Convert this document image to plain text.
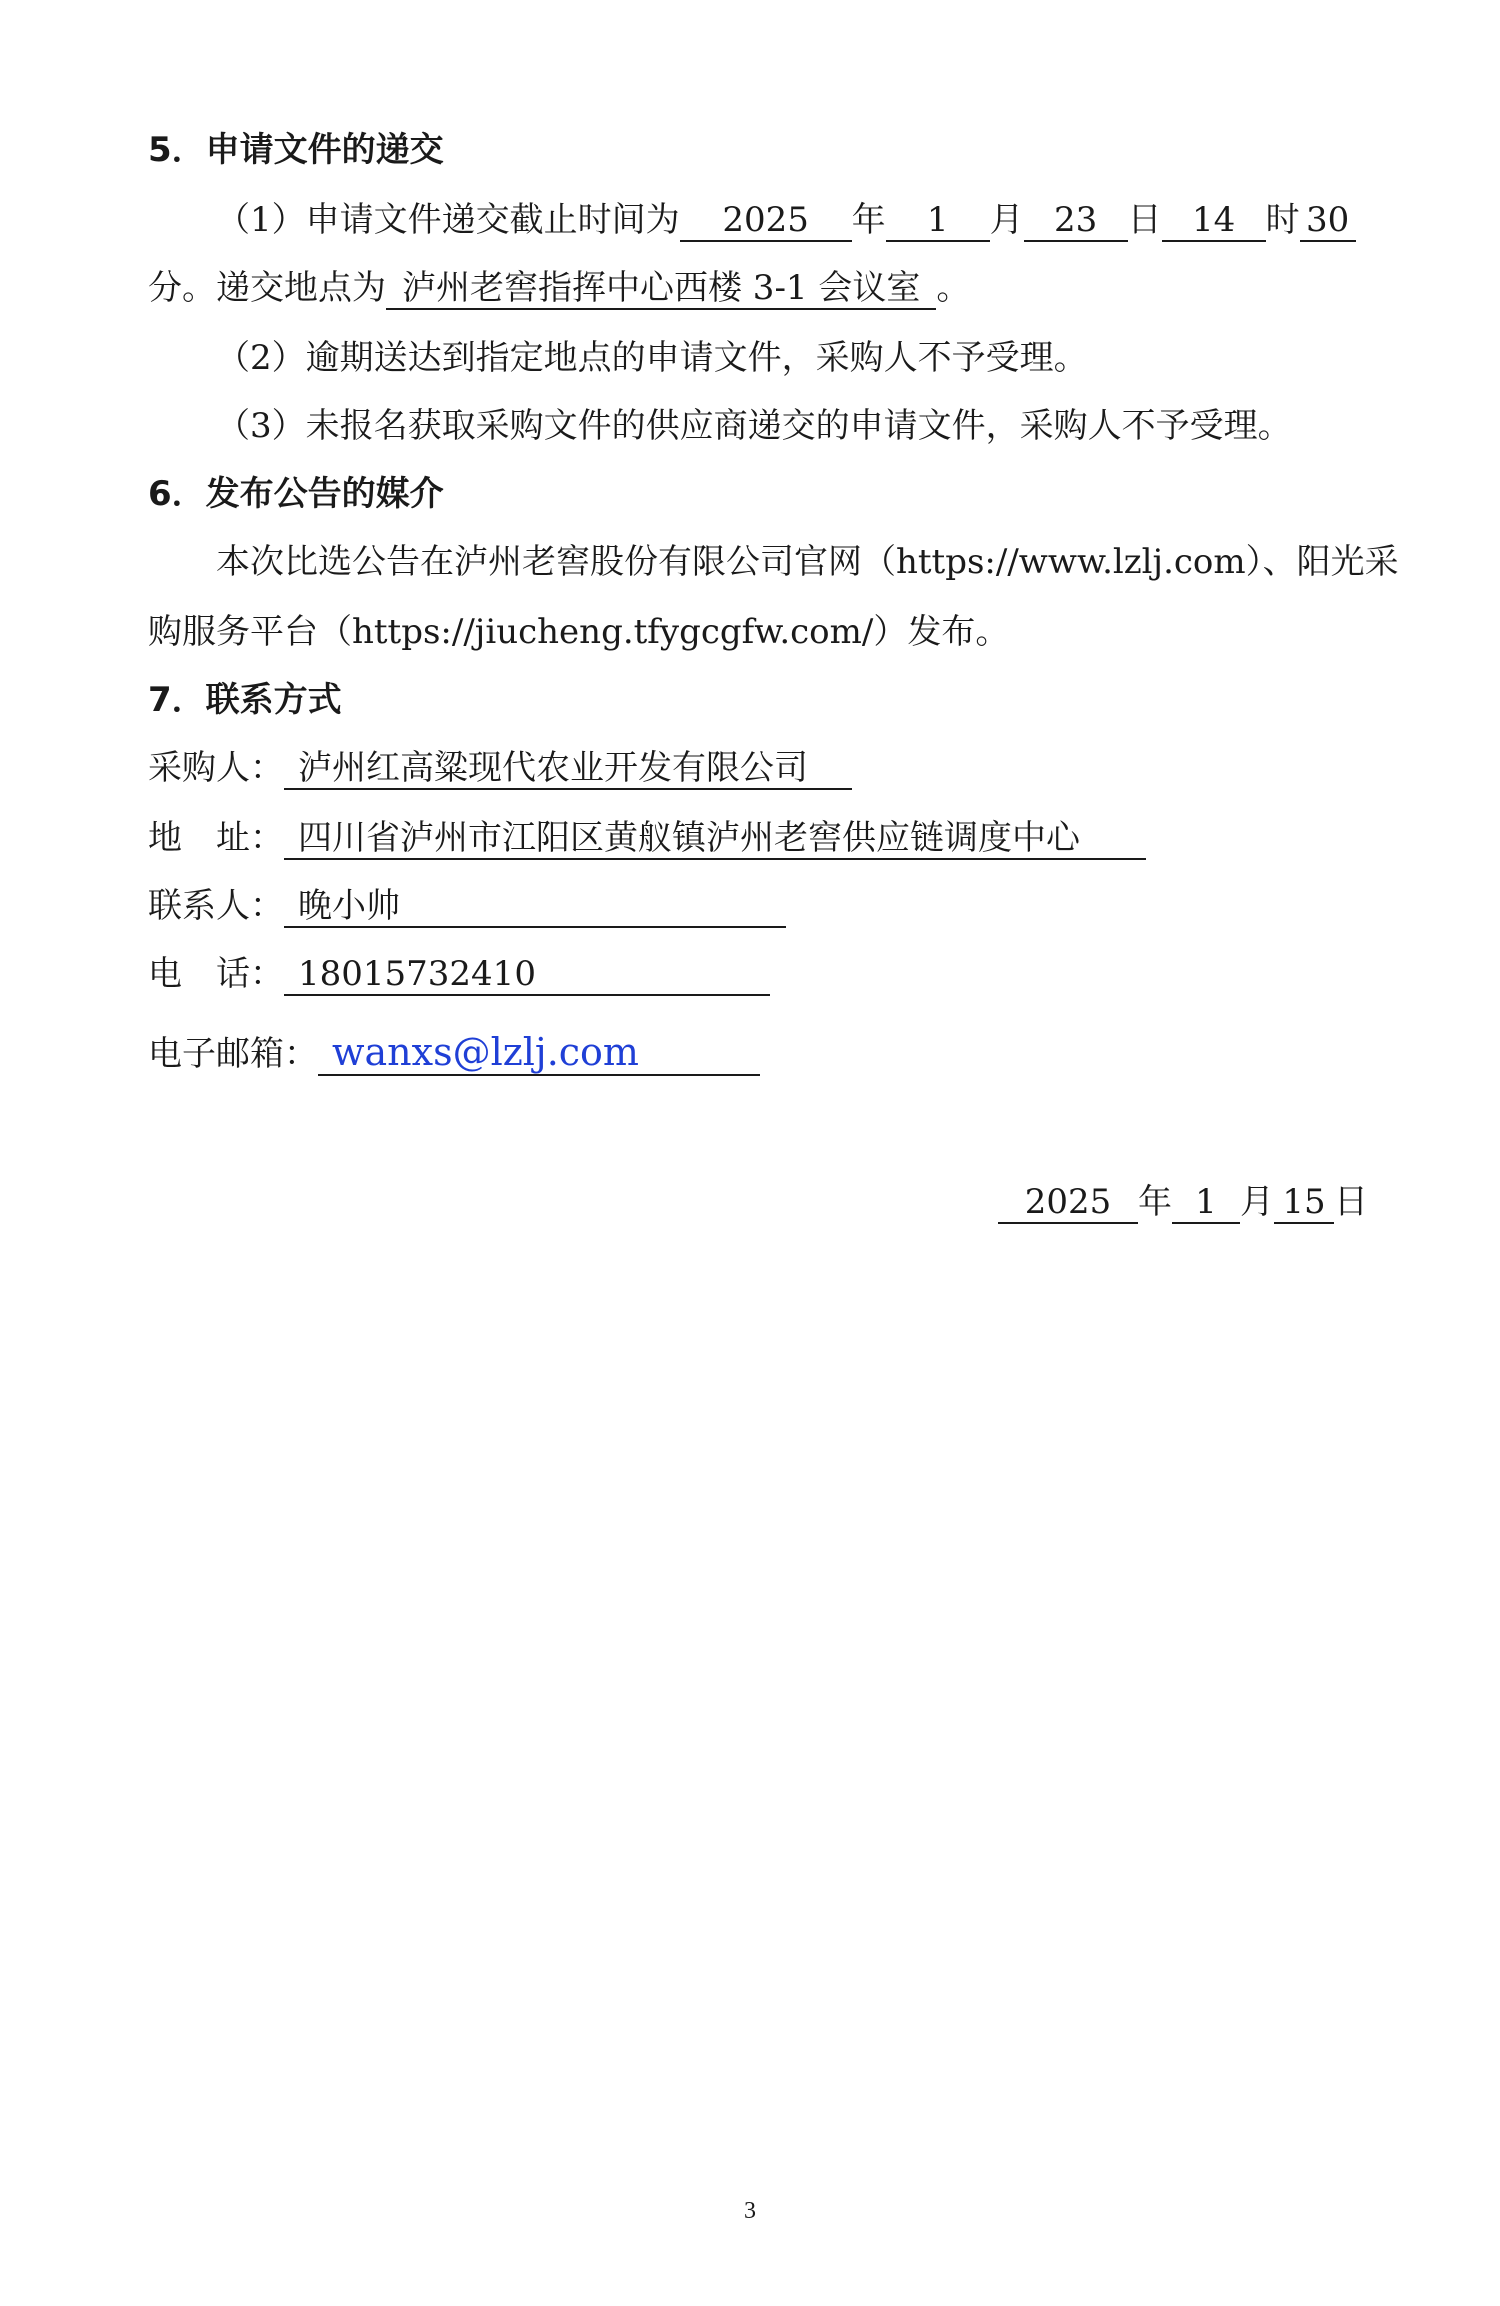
5．申请文件的递交
（1）申请文件递交截止时间为 2025 年 1 月 23 日 14 时 30
分。递交地点为 泸州老窖指挥中心西楼 3-1 会议室 。
（2）逾期送达到指定地点的申请文件，采购人不予受理。
（3）未报名获取采购文件的供应商递交的申请文件，采购人不予受理。
6．发布公告的媒介
本次比选公告在泸州老窖股份有限公司官网（https://www.lzlj.com）、阳光采
购服务平台（https://jiucheng.tfygcgfw.com/）发布。
7．联系方式
采购人： 泸州红高粱现代农业开发有限公司
地　址： 四川省泸州市江阳区黄舣镇泸州老窖供应链调度中心
联系人： 晚小帅
电　话： 18015732410
电子邮箱： wanxs@lzlj.com
2025 年 1 月 15 日
3
